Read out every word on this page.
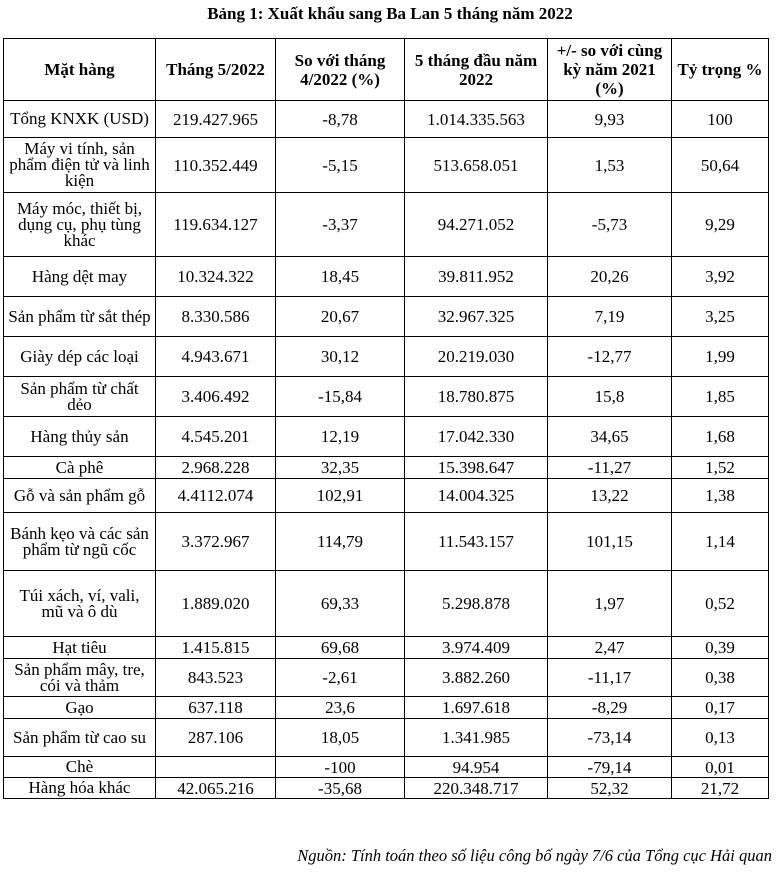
Bảng 1: Xuất khẩu sang Ba Lan 5 tháng năm 2022
Mặt hàng	Tháng 5/2022	So với tháng 4/2022 (%)	5 tháng đầu năm 2022	+/- so với cùng kỳ năm 2021 (%)	Tỷ trọng %
Tổng KNXK (USD)	219.427.965	-8,78	1.014.335.563	9,93	100
Máy vi tính, sản phẩm điện tử và linh kiện	110.352.449	-5,15	513.658.051	1,53	50,64
Máy móc, thiết bị, dụng cụ, phụ tùng khác	119.634.127	-3,37	94.271.052	-5,73	9,29
Hàng dệt may	10.324.322	18,45	39.811.952	20,26	3,92
Sản phẩm từ sắt thép	8.330.586	20,67	32.967.325	7,19	3,25
Giày dép các loại	4.943.671	30,12	20.219.030	-12,77	1,99
Sản phẩm từ chất dẻo	3.406.492	-15,84	18.780.875	15,8	1,85
Hàng thủy sản	4.545.201	12,19	17.042.330	34,65	1,68
Cà phê	2.968.228	32,35	15.398.647	-11,27	1,52
Gỗ và sản phẩm gỗ	4.4112.074	102,91	14.004.325	13,22	1,38
Bánh kẹo và các sản phẩm từ ngũ cốc	3.372.967	114,79	11.543.157	101,15	1,14
Túi xách, ví, vali, mũ và ô dù	1.889.020	69,33	5.298.878	1,97	0,52
Hạt tiêu	1.415.815	69,68	3.974.409	2,47	0,39
Sản phẩm mây, tre, cói và thảm	843.523	-2,61	3.882.260	-11,17	0,38
Gạo	637.118	23,6	1.697.618	-8,29	0,17
Sản phẩm từ cao su	287.106	18,05	1.341.985	-73,14	0,13
Chè		-100	94.954	-79,14	0,01
Hàng hóa khác	42.065.216	-35,68	220.348.717	52,32	21,72
Nguồn: Tính toán theo số liệu công bố ngày 7/6 của Tổng cục Hải quan
